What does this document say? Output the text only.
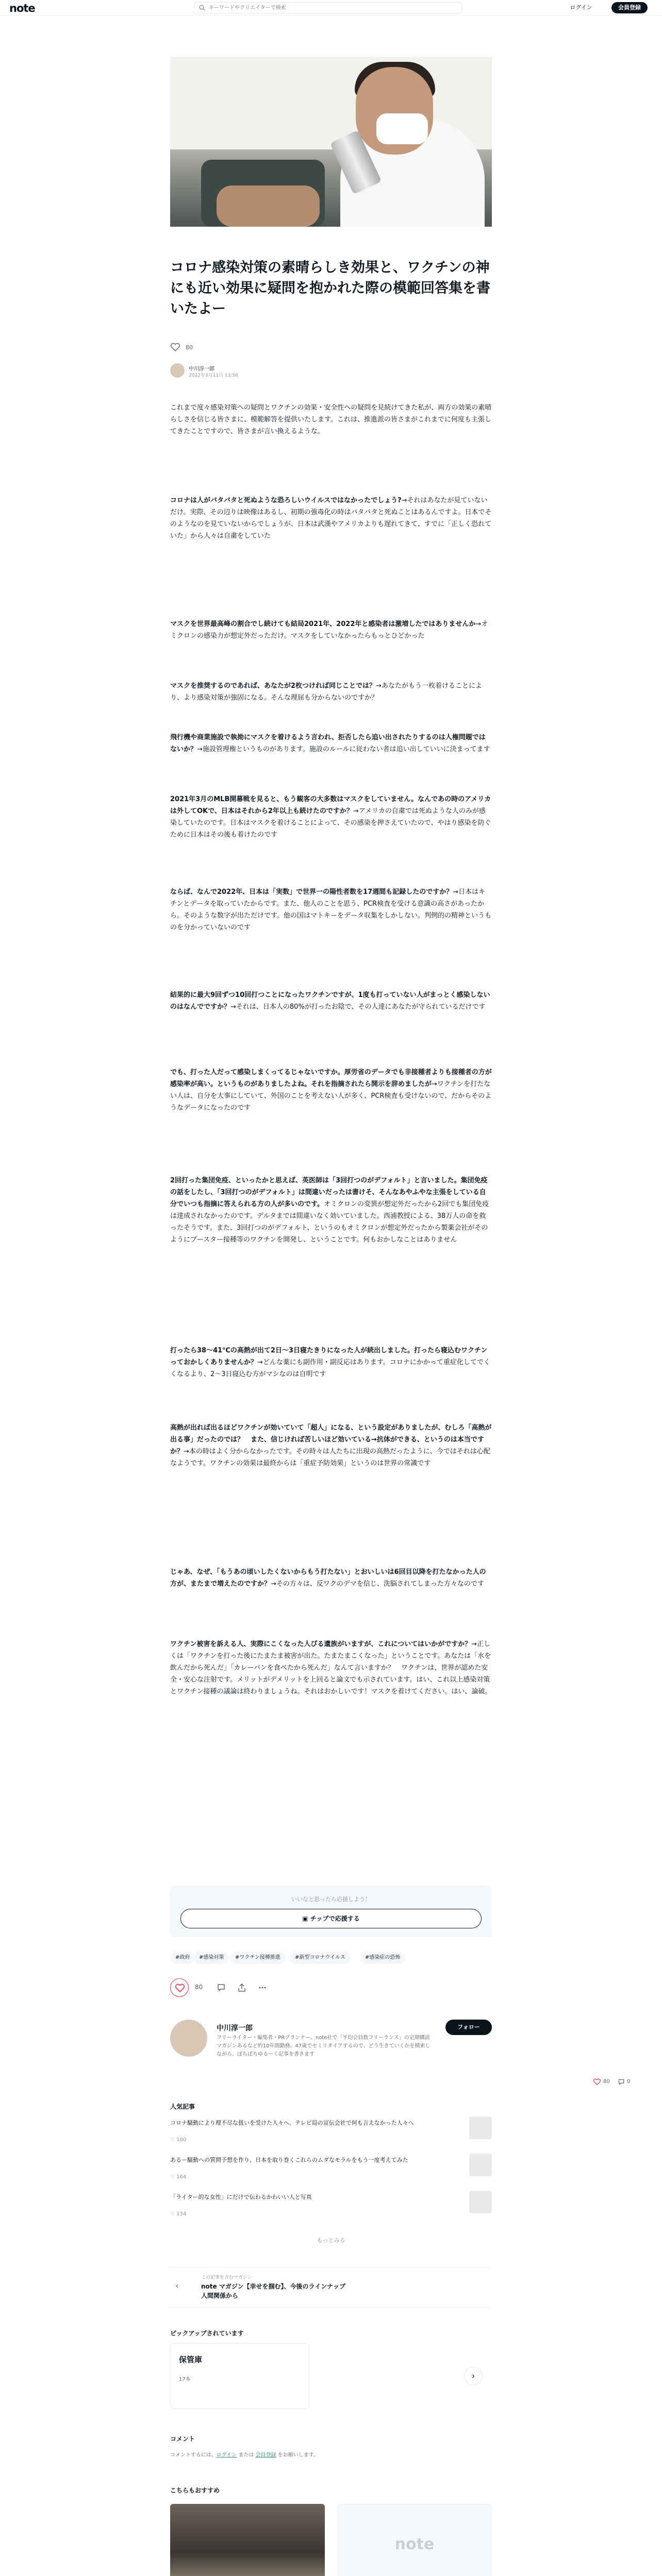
note
キーワードやクリエイターで検索	ログイン	会員登録
コロナ感染対策の素晴らしき効果と、ワクチンの神にも近い効果に疑問を抱かれた際の模範回答集を書いたよー
80
中川淳一郎
2022年3月11日 13:56
これまで度々感染対策への疑問とワクチンの効果・安全性への疑問を見続けてきた私が、両方の効果の素晴らしさを信じる皆さまに、模範解答を提供いたします。これは、推進派の皆さまがこれまでに何度も主張してきたことですので、皆さまが言い換えるような。
コロナは人がバタバタと死ぬような恐ろしいウイルスではなかったでしょう?→それはあなたが見ていないだけ。実際、その辺りは映像はあるし、初期の強毒化の時はバタバタと死ぬことはあるんですよ。日本でそのようなのを見ていないからでしょうが、日本は武漢やアメリカよりも遅れてきて、すでに「正しく恐れていた」から人々は自粛をしていた
マスクを世界最高峰の割合でし続けても結局2021年、2022年と感染者は激増したではありませんか→オミクロンの感染力が想定外だっただけ。マスクをしていなかったらもっとひどかった
マスクを推奨するのであれば、あなたが2枚つければ同じことでは？→あなたがもう一枚着けることにより、より感染対策が強固になる。そんな理屈も分からないのですか？
飛行機や商業施設で執拗にマスクを着けるよう言われ、拒否したら追い出されたりするのは人権問題ではないか？→施設管理権というものがあります。施設のルールに従わない者は追い出していいに決まってます
2021年3月のMLB開幕戦を見ると、もう観客の大多数はマスクをしていません。なんであの時のアメリカは外してOKで、日本はそれから2年以上も続けたのですか？→アメリカの自粛では死ぬような人のみが感染していたのです。日本はマスクを着けることによって、その感染を押さえていたので、やはり感染を防ぐために日本はその後も着けたのです
ならば、なんで2022年、日本は「実数」で世界一の陽性者数を17週間も記録したのですか？→日本はキチンとデータを取っていたからです。また、他人のことを思う、PCR検査を受ける意識の高さがあったから。そのような数字が出ただけです。他の国はマトキーをデータ収集をしかしない。判例的の精神というものを分かっていないのです
結果的に最大9回ずつ10回打つことになったワクチンですが、1度も打っていない人がまっとく感染しないのはなんでですか？→それは、日本人の80%が打ったお陰で、その人達にあなたが守られているだけです
でも、打った人だって感染しまくってるじゃないですか。厚労省のデータでも非接種者よりも接種者の方が感染率が高い。というものがありましたよね。それを指摘されたら開示を辞めましたが→ワクチンを打たない人は、自分を大事にしていて、外国のことを考えない人が多く、PCR検査も受けないので、だからそのようなデータになったのです
2回打った集団免疫、といったかと思えば、英医師は「3回打つのがデフォルト」と言いました。集団免疫の話をしたし、「3回打つのがデフォルト」は間違いだったは書けそ、そんなあやふやな主張をしている自分でいつも指摘に答えられる方の人が多いのです。オミクロンの変異が想定外だったから2回でも集団免疫は達成されなかったのです。デルタまでは間違いなく効いていました。西浦教授による、38万人の命を救ったそうです。また、3回打つのがデフォルト、というのもオミクロンが想定外だったから製薬会社がそのようにブースター接種等のワクチンを開発し、ということです。何もおかしなことはありません
打ったら38〜41℃の高熱が出て2日〜3日寝たきりになった人が続出しました。打ったら寝込むワクチンっておかしくありませんか？→どんな薬にも副作用・副反応はあります。コロナにかかって重症化してでくくなるより、2〜3日寝込む方がマシなのは自明です
高熱が出れば出るほどワクチンが効いていて「超人」になる、という設定がありましたが、むしろ「高熱が出る事」だったのでは？　また、信じければ苦しいほど効いている→抗体ができる、というのは本当ですか？→本の時はよく分からなかったです。その時々は人たちに出現の高熱だったように、今ではそれは心配なようです。ワクチンの効果は最終からは「重症予防効果」というのは世界の常識です
じゃあ、なぜ、「もうあの頃いしたくないからもう打たない」とおいしいは6回目以降を打たなかった人の方が、またまで増えたのですか？→その方々は、反ワクのデマを信じ、洗脳されてしまった方々なのです
ワクチン被害を訴える人、実際にこくなった人ぴる遺族がいますが、これについてはいかがですか？→正しくは「ワクチンを打った後にたまたま被害が出た。たまたまこくなった」ということです。あなたは「水を飲んだから死んだ」「カレーパンを食べたから死んだ」なんて言いますか？　ワクチンは、世界が認めた安全・安心な注射です。メリットがデメリットを上回ると論文でも示されています。はい、これ以上感染対策とワクチン接種の議論は終わりましょうね。それはおかしいです！マスクを着けてください。はい、論破。
いいなと思ったら応援しよう！
▣ チップで応援する
#政府	#感染対策	#ワクチン接種推進	#新型コロナウイルス	#感染症の恐怖
80
中川淳一郎
フリーライター・編集者・PRプランナー。note社で「平均会員数フリーランス」の定期購読マガジンあるなど約10年間勤務。47歳でセミリタイアするので、どう生きていくかを模索しながら、ぼちぼちゆるーく記事を書きます
フォロー
80	0
人気記事
コロナ騒動により理不尽な扱いを受けた人々へ。テレビ局の宣伝会社で何も言えなかった人々へ
♡ 100
あるー騒動への質問予想を作り、日本を取り巻くこれらのムダなモラルをもう一度考えてみた
♡ 164
「ライター的な女性」にだけで伝わるかわいい人と写真
♡ 134
もっとみる
‹
この記事を含むマガジン
note マガジン【幸せを掴む】、今後のラインナップ　人間関係から
ピックアップされています
保管庫
17本	›
コメント
コメントするには、ログイン または 会員登録 をお願いします。
こちらもおすすめ
note
